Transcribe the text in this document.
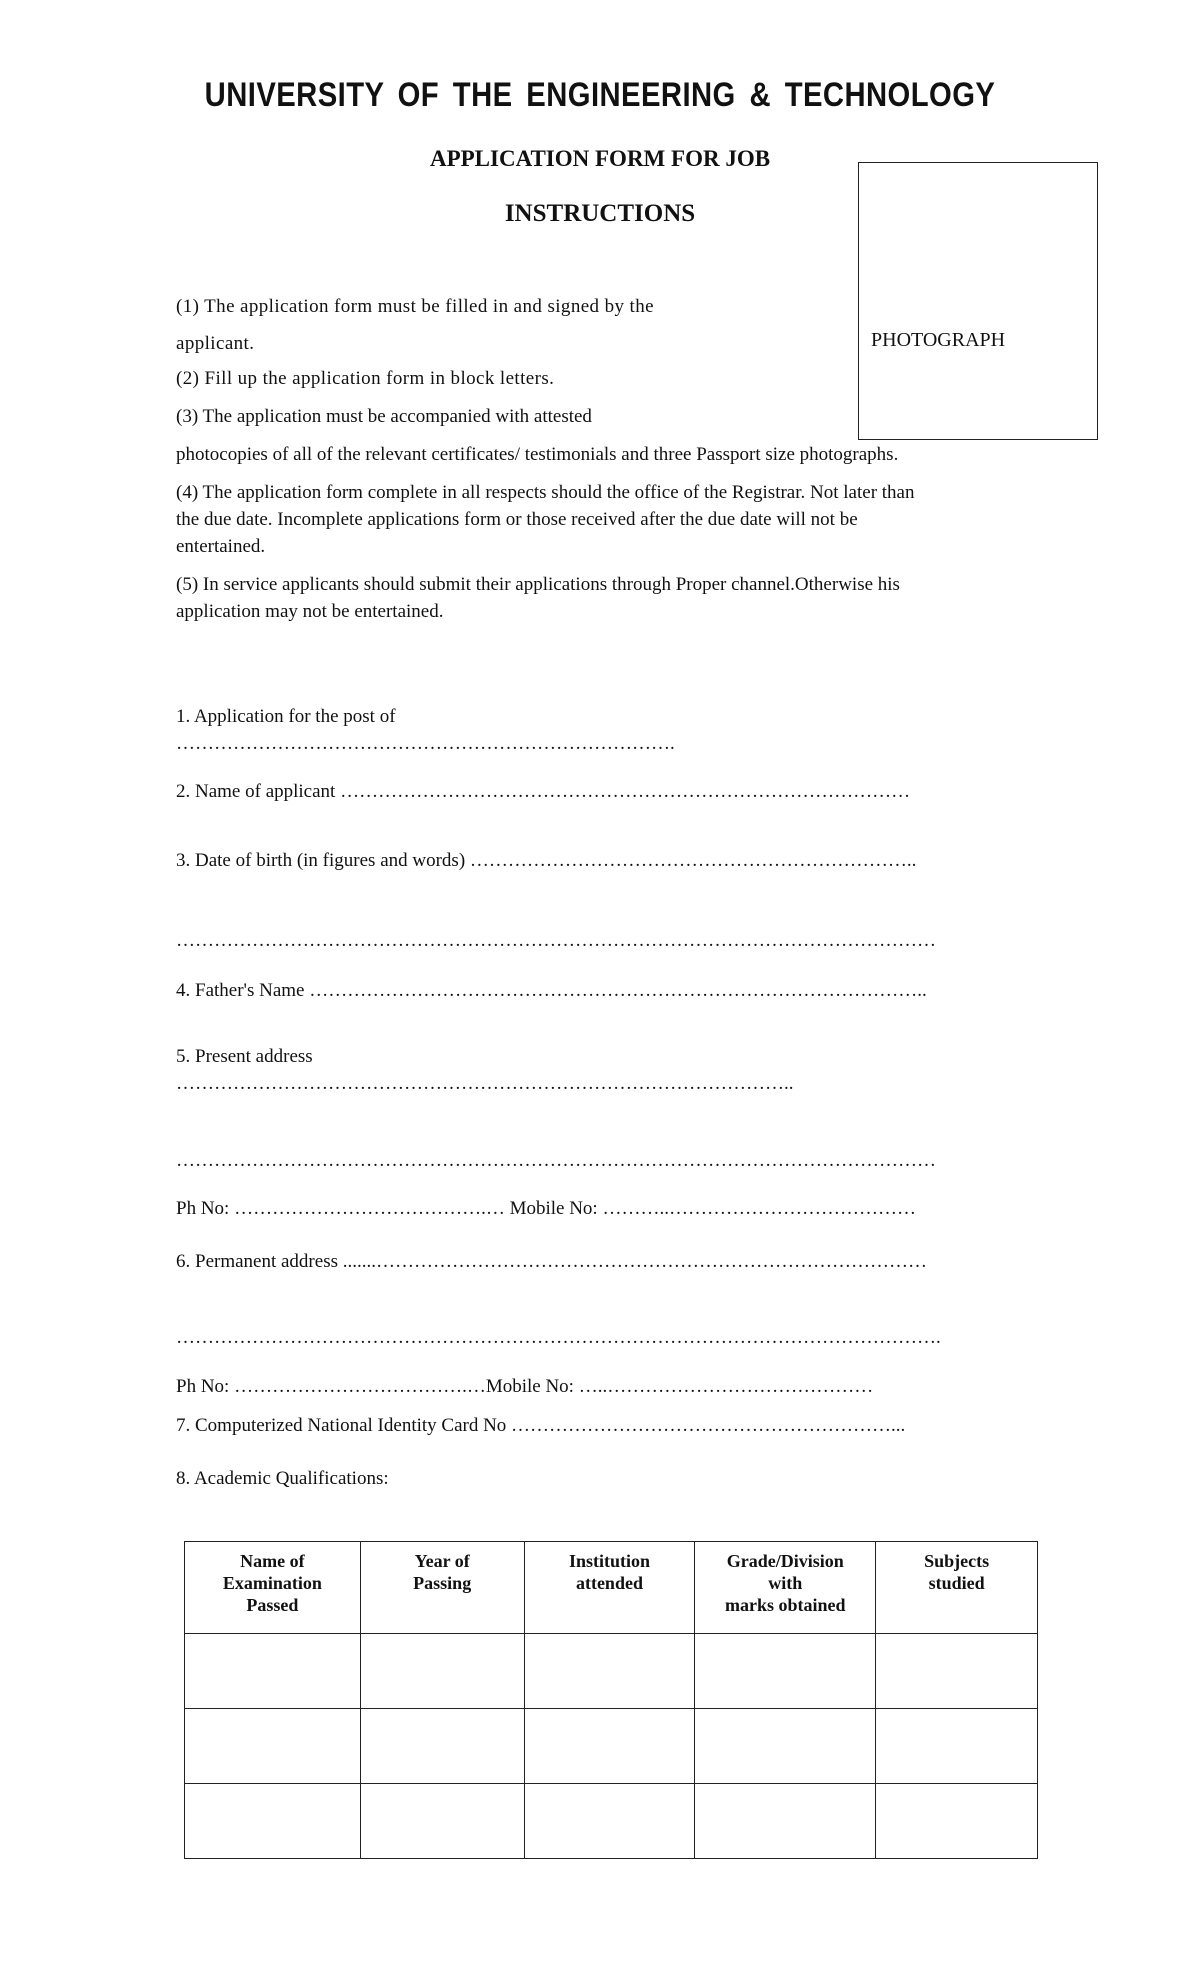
UNIVERSITY OF THE ENGINEERING & TECHNOLOGY
APPLICATION FORM FOR JOB
INSTRUCTIONS
PHOTOGRAPH
(1) The application form must be filled in and signed by the
applicant.
(2) Fill up the application form in block letters.
(3) The application must be accompanied with attested
photocopies of all of the relevant certificates/ testimonials and three Passport size photographs.
(4) The application form complete in all respects should the office of the Registrar. Not later than
the due date. Incomplete applications form or those received after the due date will not be
entertained.
(5) In service applicants should submit their applications through Proper channel.Otherwise his
application may not be entertained.
1. Application for the post of
…………………………………………………………………….
2. Name of applicant ………………………………………………………………………………
3. Date of birth (in figures and words) ……………………………………………………………..
…………………………………………………………………………………………………………
4. Father's Name ……………………………………………………………………………………..
5. Present address
……………………………………………………………………………………..
…………………………………………………………………………………………………………
Ph No: ………………………………….… Mobile No: ………..…………………………………
6. Permanent address .......……………………………………………………………………………
………………………………………………………………………………………………………….
Ph No: ……………………………….…Mobile No: …..……………………………………
7. Computerized National Identity Card No ……………………………………………………...
8. Academic Qualifications:
Name of
Examination
Passed	Year of
Passing	Institution
attended	Grade/Division
with
marks obtained	Subjects
studied
